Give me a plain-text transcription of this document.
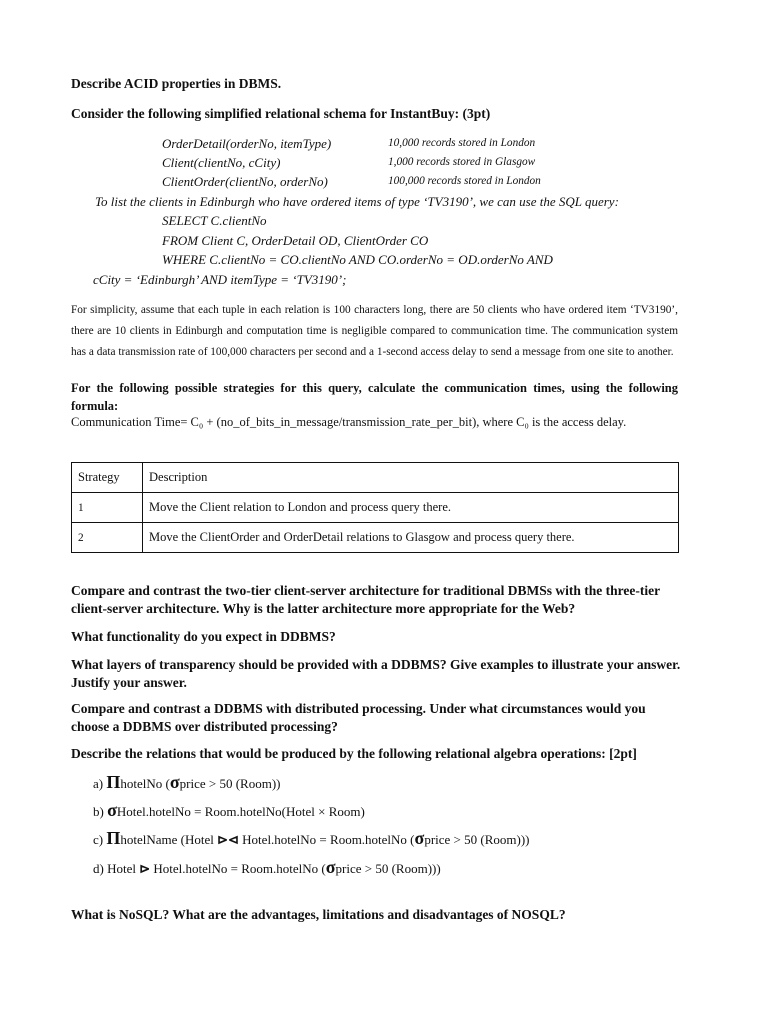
Describe ACID properties in DBMS.
Consider the following simplified relational schema for InstantBuy: (3pt)
OrderDetail(orderNo, itemType)	10,000 records stored in London
Client(clientNo, cCity)	1,000 records stored in Glasgow
ClientOrder(clientNo, orderNo)	100,000 records stored in London
To list the clients in Edinburgh who have ordered items of type ‘TV3190’, we can use the SQL query:
SELECT C.clientNo
FROM Client C, OrderDetail OD, ClientOrder CO
WHERE C.clientNo = CO.clientNo AND CO.orderNo = OD.orderNo AND
cCity = ‘Edinburgh’ AND itemType = ‘TV3190’;
For simplicity, assume that each tuple in each relation is 100 characters long, there are 50 clients who have ordered item ‘TV3190’, there are 10 clients in Edinburgh and computation time is negligible compared to communication time. The communication system has a data transmission rate of 100,000 characters per second and a 1-second access delay to send a message from one site to another.
For the following possible strategies for this query, calculate the communication times, using the following formula:
Communication Time= C₀ + (no_of_bits_in_message/transmission_rate_per_bit), where C₀ is the access delay.
Strategy	Description
1	Move the Client relation to London and process query there.
2	Move the ClientOrder and OrderDetail relations to Glasgow and process query there.
Compare and contrast the two-tier client-server architecture for traditional DBMSs with the three-tier client-server architecture. Why is the latter architecture more appropriate for the Web?
What functionality do you expect in DDBMS?
What layers of transparency should be provided with a DDBMS? Give examples to illustrate your answer. Justify your answer.
Compare and contrast a DDBMS with distributed processing. Under what circumstances would you choose a DDBMS over distributed processing?
Describe the relations that would be produced by the following relational algebra operations: [2pt]
a) ΠhotelNo (σprice > 50 (Room))
b) σHotel.hotelNo = Room.hotelNo(Hotel × Room)
c) ΠhotelName (Hotel ⊳⊲ Hotel.hotelNo = Room.hotelNo (σprice > 50 (Room)))
d) Hotel ⊳ Hotel.hotelNo = Room.hotelNo (σprice > 50 (Room)))
What is NoSQL? What are the advantages, limitations and disadvantages of NOSQL?
